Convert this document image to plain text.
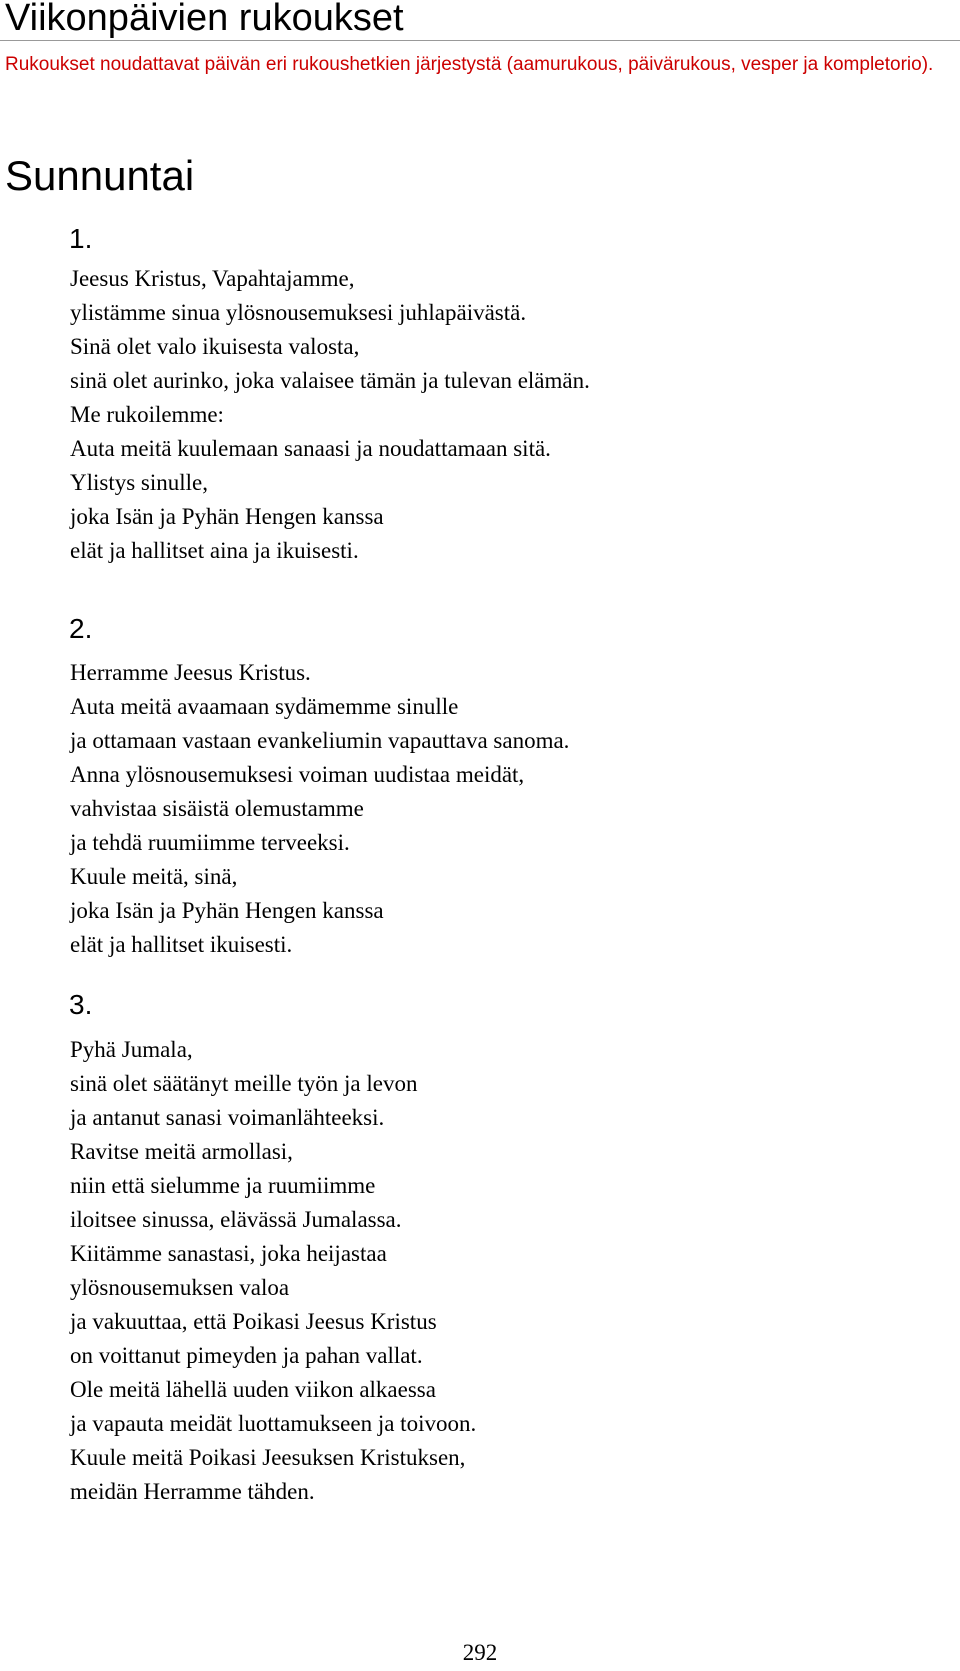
Viikonpäivien rukoukset

Rukoukset noudattavat päivän eri rukoushetkien järjestystä (aamurukous, päivärukous, vesper ja kompletorio).

Sunnuntai
1.
Jeesus Kristus, Vapahtajamme,
ylistämme sinua ylösnousemuksesi juhlapäivästä.
Sinä olet valo ikuisesta valosta,
sinä olet aurinko, joka valaisee tämän ja tulevan elämän.
Me rukoilemme:
Auta meitä kuulemaan sanaasi ja noudattamaan sitä.
Ylistys sinulle,
joka Isän ja Pyhän Hengen kanssa
elät ja hallitset aina ja ikuisesti.
2.
Herramme Jeesus Kristus.
Auta meitä avaamaan sydämemme sinulle
ja ottamaan vastaan evankeliumin vapauttava sanoma.
Anna ylösnousemuksesi voiman uudistaa meidät,
vahvistaa sisäistä olemustamme
ja tehdä ruumiimme terveeksi.
Kuule meitä, sinä,
joka Isän ja Pyhän Hengen kanssa
elät ja hallitset ikuisesti.
3.
Pyhä Jumala,
sinä olet säätänyt meille työn ja levon
ja antanut sanasi voimanlähteeksi.
Ravitse meitä armollasi,
niin että sielumme ja ruumiimme
iloitsee sinussa, elävässä Jumalassa.
Kiitämme sanastasi, joka heijastaa
ylösnousemuksen valoa
ja vakuuttaa, että Poikasi Jeesus Kristus
on voittanut pimeyden ja pahan vallat.
Ole meitä lähellä uuden viikon alkaessa
ja vapauta meidät luottamukseen ja toivoon.
Kuule meitä Poikasi Jeesuksen Kristuksen,
meidän Herramme tähden.
292
